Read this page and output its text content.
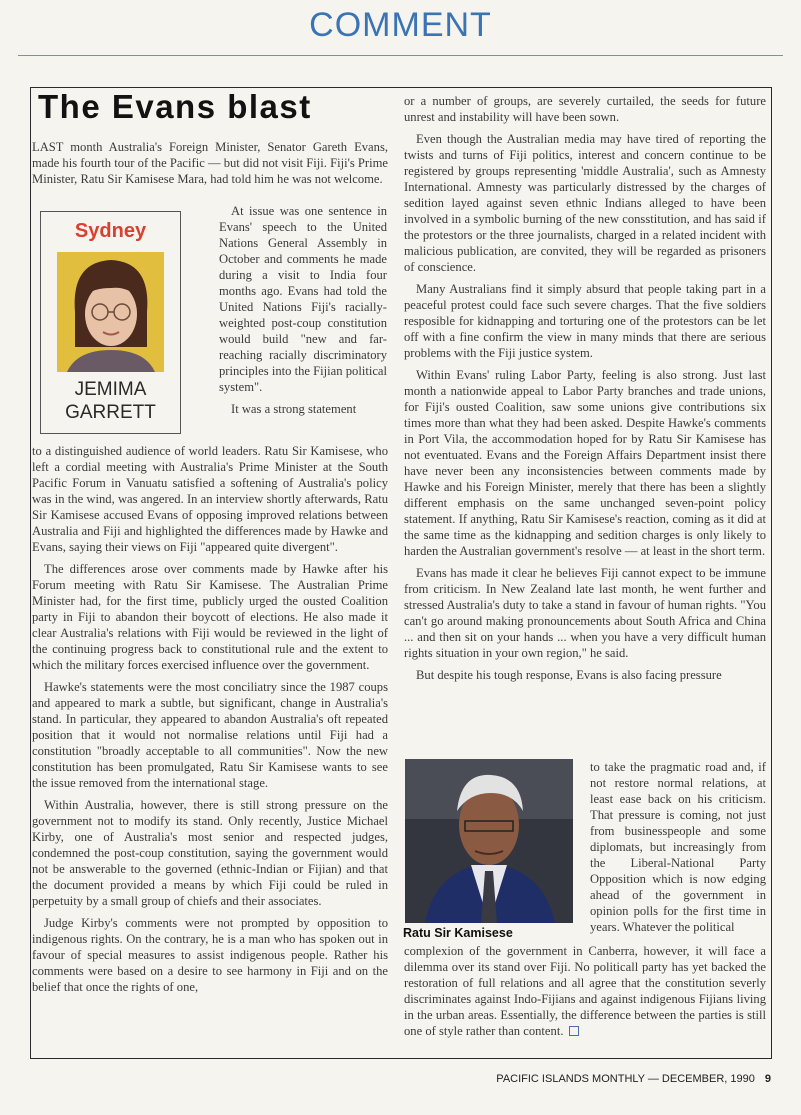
COMMENT
The Evans blast

LAST month Australia's Foreign Minister, Senator Gareth Evans, made his fourth tour of the Pacific — but did not visit Fiji. Fiji's Prime Minister, Ratu Sir Kamisese Mara, had told him he was not welcome.

Sydney
JEMIMA
GARRETT

At issue was one sentence in Evans' speech to the United Nations General Assembly in October and comments he made during a visit to India four months ago. Evans had told the United Nations Fiji's racially-weighted post-coup constitution would build "new and far-reaching racially discriminatory principles into the Fijian political system".

It was a strong statement

to a distinguished audience of world leaders. Ratu Sir Kamisese, who left a cordial meeting with Australia's Prime Minister at the South Pacific Forum in Vanuatu satisfied a softening of Australia's policy was in the wind, was angered. In an interview shortly afterwards, Ratu Sir Kamisese accused Evans of opposing improved relations between Australia and Fiji and highlighted the differences made by Hawke and Evans, saying their views on Fiji "appeared quite divergent".

The differences arose over comments made by Hawke after his Forum meeting with Ratu Sir Kamisese. The Australian Prime Minister had, for the first time, publicly urged the ousted Coalition party in Fiji to abandon their boycott of elections. He also made it clear Australia's relations with Fiji would be reviewed in the light of the continuing progress back to constitutional rule and the extent to which the military forces exercised influence over the government.

Hawke's statements were the most conciliatry since the 1987 coups and appeared to mark a subtle, but significant, change in Australia's stand. In particular, they appeared to abandon Australia's oft repeated position that it would not normalise relations until Fiji had a constitution "broadly acceptable to all communities". Now the new constitution has been promulgated, Ratu Sir Kamisese wants to see the issue removed from the international stage.

Within Australia, however, there is still strong pressure on the government not to modify its stand. Only recently, Justice Michael Kirby, one of Australia's most senior and respected judges, condemned the post-coup constitution, saying the government would not be answerable to the governed (ethnic-Indian or Fijian) and that the document provided a means by which Fiji could be ruled in perpetuity by a small group of chiefs and their associates.

Judge Kirby's comments were not prompted by opposition to indigenous rights. On the contrary, he is a man who has spoken out in favour of special measures to assist indigenous people. Rather his comments were based on a desire to see harmony in Fiji and on the belief that once the rights of one,

or a number of groups, are severely curtailed, the seeds for future unrest and instability will have been sown.

Even though the Australian media may have tired of reporting the twists and turns of Fiji politics, interest and concern continue to be registered by groups representing 'middle Australia', such as Amnesty International. Amnesty was particularly distressed by the charges of sedition layed against seven ethnic Indians alleged to have been involved in a symbolic burning of the new consstitution, and has said if the protestors or the three journalists, charged in a related incident with malicious publication, are convited, they will be regarded as prisoners of conscience.

Many Australians find it simply absurd that people taking part in a peaceful protest could face such severe charges. That the five soldiers resposible for kidnapping and torturing one of the protestors can be let off with a fine confirm the view in many minds that there are serious problems with the Fiji justice system.

Within Evans' ruling Labor Party, feeling is also strong. Just last month a nationwide appeal to Labor Party branches and trade unions, for Fiji's ousted Coalition, saw some unions give contributions six times more than what they had been asked. Despite Hawke's comments in Port Vila, the accommodation hoped for by Ratu Sir Kamisese has not eventuated. Evans and the Foreign Affairs Department insist there have never been any inconsistencies between comments made by Hawke and his Foreign Minister, merely that there has been a slightly different emphasis on the same unchanged seven-point policy statement. If anything, Ratu Sir Kamisese's reaction, coming as it did at the same time as the kidnapping and sedition charges is only likely to harden the Australian government's resolve — at least in the short term.

Evans has made it clear he believes Fiji cannot expect to be immune from criticism. In New Zealand late last month, he went further and stressed Australia's duty to take a stand in favour of human rights. "You can't go around making pronouncements about South Africa and China ... and then sit on your hands ... when you have a very difficult human rights situation in your own region," he said.

But despite his tough response, Evans is also facing pressure

Ratu Sir Kamisese

to take the pragmatic road and, if not restore normal relations, at least ease back on his criticism. That pressure is coming, not just from businesspeople and some diplomats, but increasingly from the Liberal-National Party Opposition which is now edging ahead of the government in opinion polls for the first time in years. Whatever the political

complexion of the government in Canberra, however, it will face a dilemma over its stand over Fiji. No politicall party has yet backed the restoration of full relations and all agree that the constitution severly discriminates against Indo-Fijians and against indigenous Fijians living in the urban areas. Essentially, the difference between the parties is still one of style rather than content.

PACIFIC ISLANDS MONTHLY — DECEMBER, 1990 9
